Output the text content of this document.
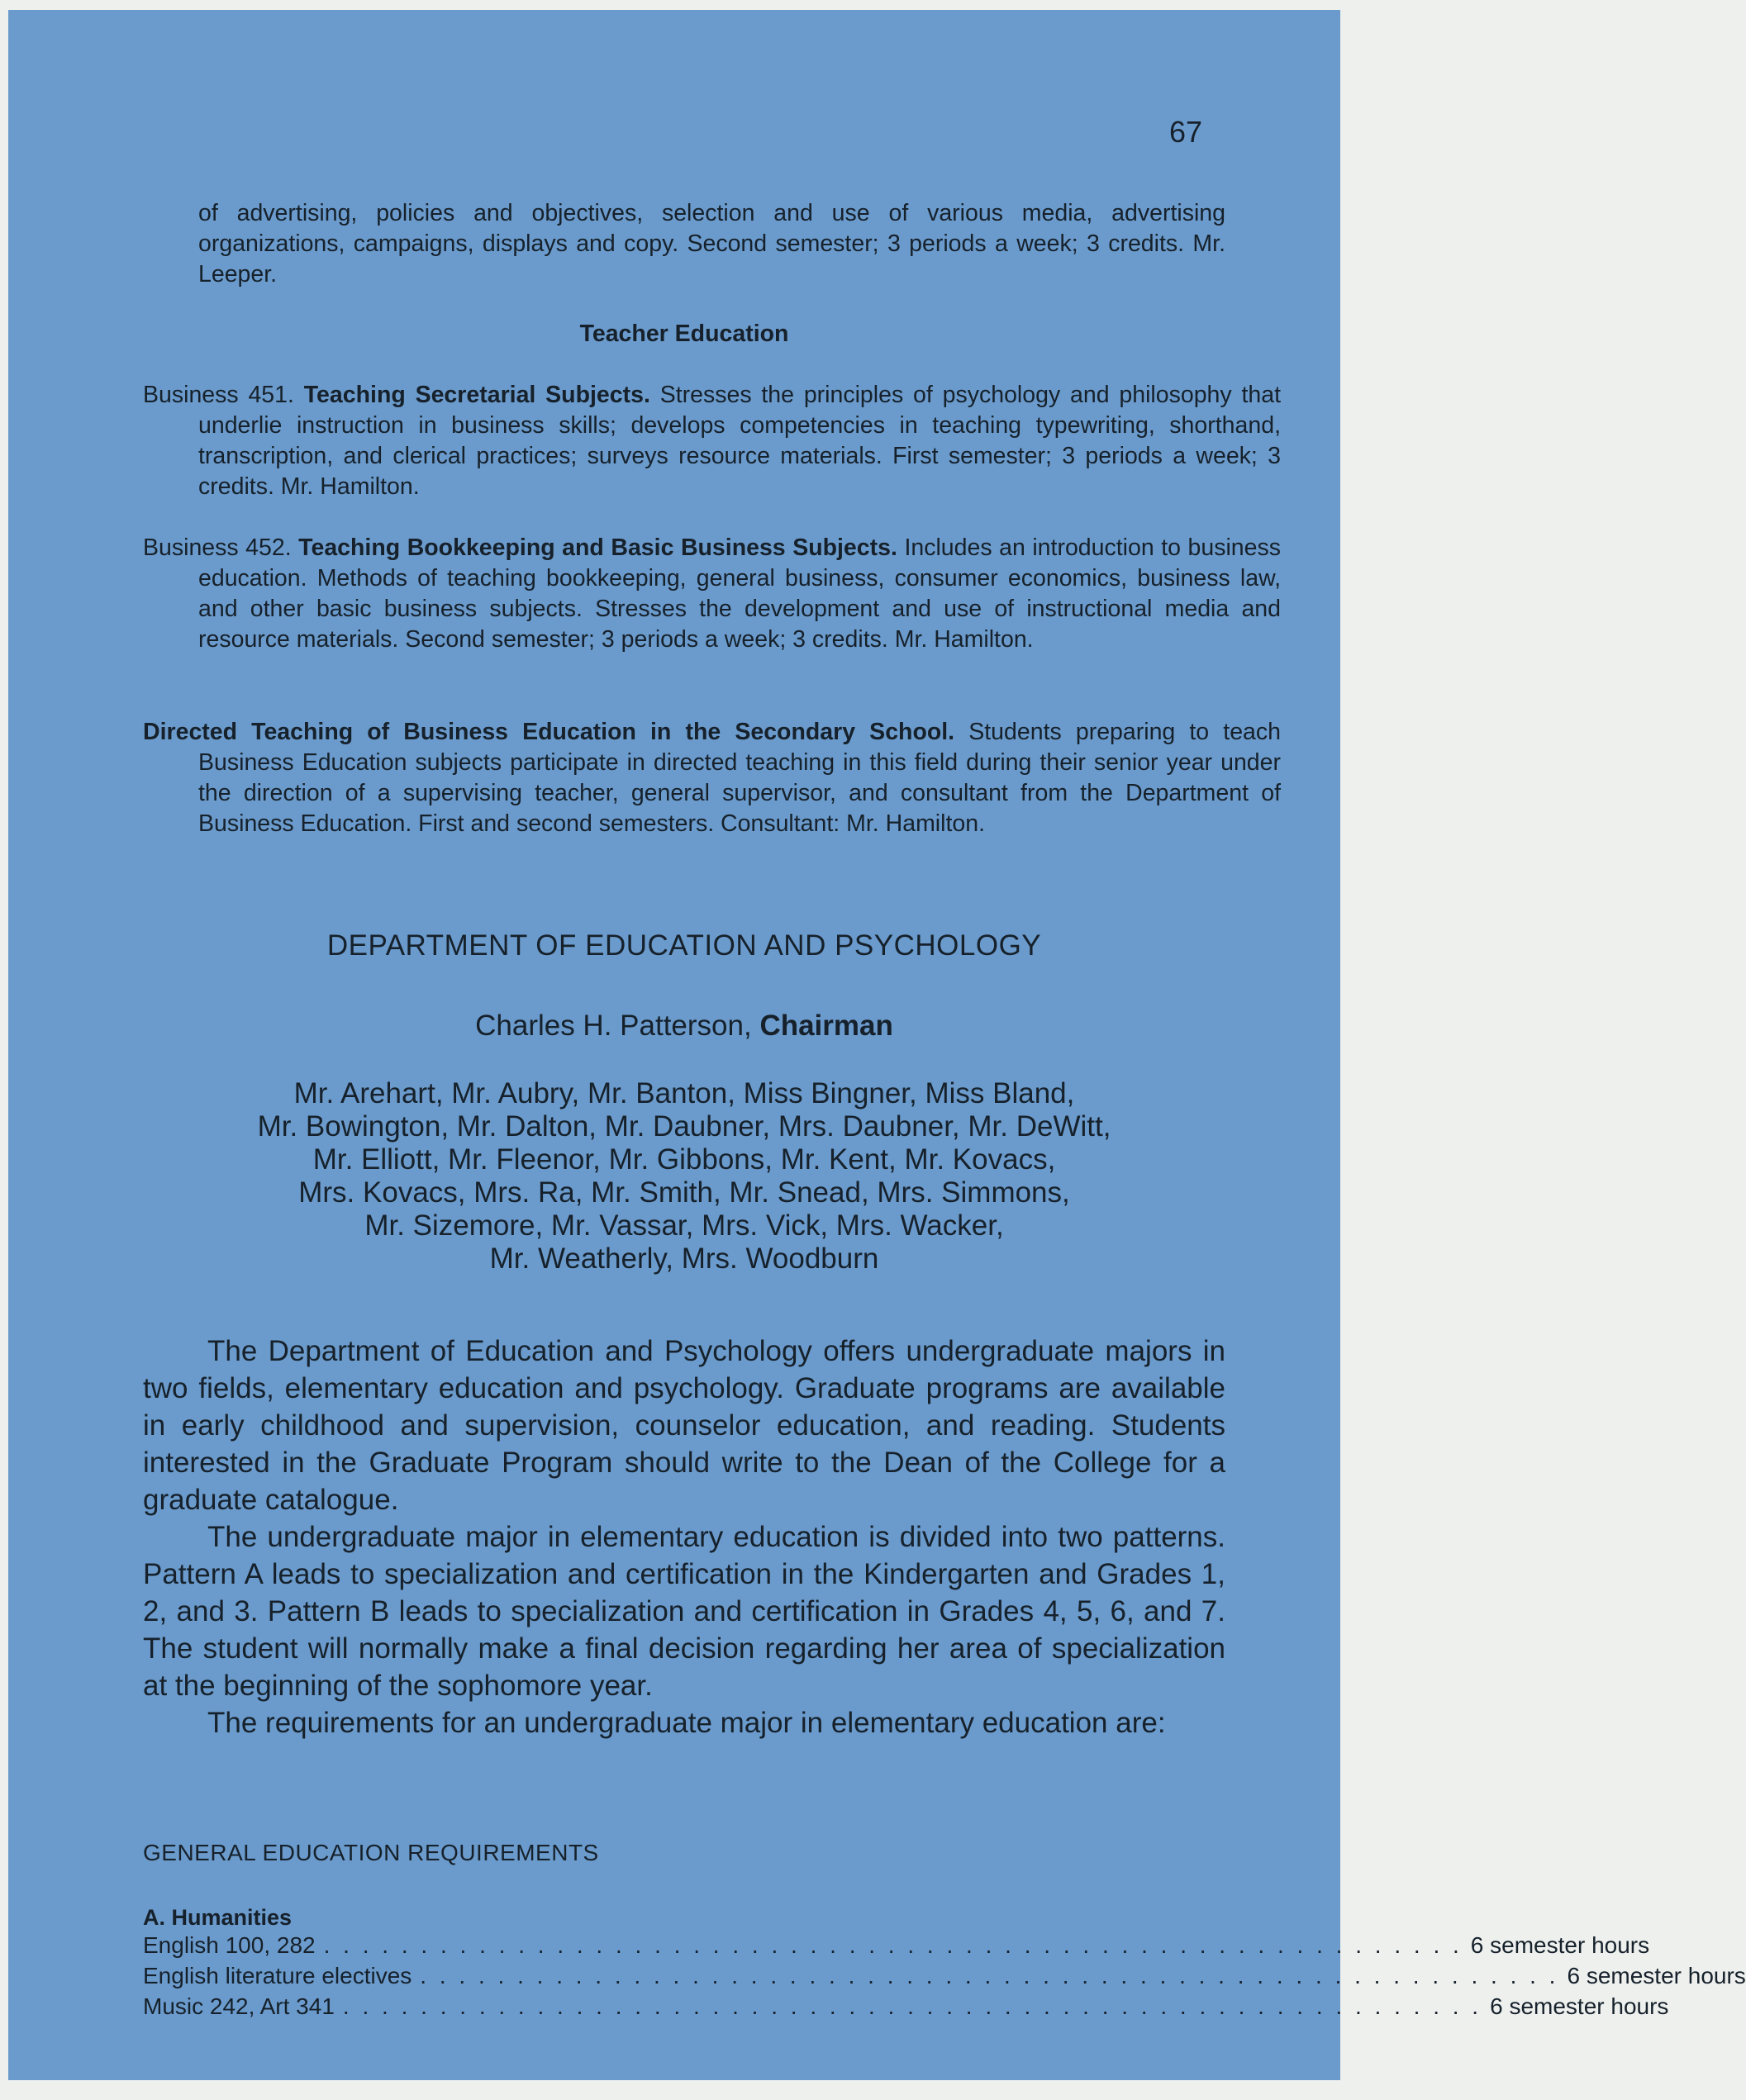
67
of advertising, policies and objectives, selection and use of various media, advertising organizations, campaigns, displays and copy. Second semester; 3 periods a week; 3 credits. Mr. Leeper.
Teacher Education
Business 451. Teaching Secretarial Subjects. Stresses the principles of psychology and philosophy that underlie instruction in business skills; develops competencies in teaching typewriting, shorthand, transcription, and clerical practices; surveys resource materials. First semester; 3 periods a week; 3 credits. Mr. Hamilton.
Business 452. Teaching Bookkeeping and Basic Business Subjects. Includes an introduction to business education. Methods of teaching bookkeeping, general business, consumer economics, business law, and other basic business subjects. Stresses the development and use of instructional media and resource materials. Second semester; 3 periods a week; 3 credits. Mr. Hamilton.
Directed Teaching of Business Education in the Secondary School. Students preparing to teach Business Education subjects participate in directed teaching in this field during their senior year under the direction of a supervising teacher, general supervisor, and consultant from the Department of Business Education. First and second semesters. Consultant: Mr. Hamilton.
DEPARTMENT OF EDUCATION AND PSYCHOLOGY
Charles H. Patterson, Chairman
Mr. Arehart, Mr. Aubry, Mr. Banton, Miss Bingner, Miss Bland,
Mr. Bowington, Mr. Dalton, Mr. Daubner, Mrs. Daubner, Mr. DeWitt,
Mr. Elliott, Mr. Fleenor, Mr. Gibbons, Mr. Kent, Mr. Kovacs,
Mrs. Kovacs, Mrs. Ra, Mr. Smith, Mr. Snead, Mrs. Simmons,
Mr. Sizemore, Mr. Vassar, Mrs. Vick, Mrs. Wacker,
Mr. Weatherly, Mrs. Woodburn

The Department of Education and Psychology offers undergraduate majors in two fields, elementary education and psychology. Graduate programs are available in early childhood and supervision, counselor education, and reading. Students interested in the Graduate Program should write to the Dean of the College for a graduate catalogue.

The undergraduate major in elementary education is divided into two patterns. Pattern A leads to specialization and certification in the Kindergarten and Grades 1, 2, and 3. Pattern B leads to specialization and certification in Grades 4, 5, 6, and 7. The student will normally make a final decision regarding her area of specialization at the beginning of the sophomore year.

The requirements for an undergraduate major in elementary education are:

GENERAL EDUCATION REQUIREMENTS
A. Humanities
English 100, 282 . . . . . . . . . . . . . . . . . . . . . . . . . . . . . . . . . . . . . . . . . . . . . . . . . . . . . . . . . . . 6 semester hours
English literature electives . . . . . . . . . . . . . . . . . . . . . . . . . . . . . . . . . . . . . . . . . . . . . . . . . . . . . . . . . . . 6 semester hours
Music 242, Art 341 . . . . . . . . . . . . . . . . . . . . . . . . . . . . . . . . . . . . . . . . . . . . . . . . . . . . . . . . . . . 6 semester hours
